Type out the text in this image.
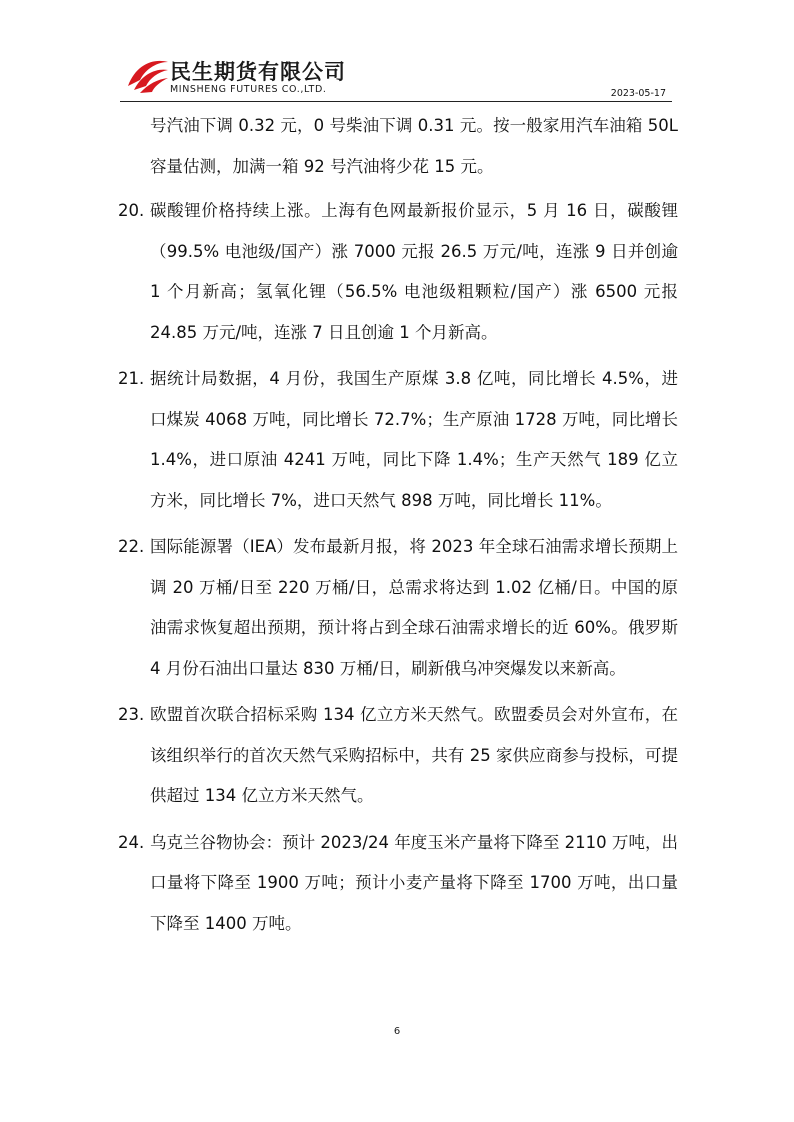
民生期货有限公司
MINSHENG FUTURES CO.,LTD.	2023-05-17

号汽油下调 0.32 元，0 号柴油下调 0.31 元。按一般家用汽车油箱 50L 容量估测，加满一箱 92 号汽油将少花 15 元。

20. 碳酸锂价格持续上涨。上海有色网最新报价显示，5 月 16 日，碳酸锂（99.5% 电池级/国产）涨 7000 元报 26.5 万元/吨，连涨 9 日并创逾 1 个月新高；氢氧化锂（56.5% 电池级粗颗粒/国产）涨 6500 元报 24.85 万元/吨，连涨 7 日且创逾 1 个月新高。
21. 据统计局数据，4 月份，我国生产原煤 3.8 亿吨，同比增长 4.5%，进口煤炭 4068 万吨，同比增长 72.7%；生产原油 1728 万吨，同比增长 1.4%，进口原油 4241 万吨，同比下降 1.4%；生产天然气 189 亿立方米，同比增长 7%，进口天然气 898 万吨，同比增长 11%。
22. 国际能源署（IEA）发布最新月报，将 2023 年全球石油需求增长预期上调 20 万桶/日至 220 万桶/日，总需求将达到 1.02 亿桶/日。中国的原油需求恢复超出预期，预计将占到全球石油需求增长的近 60%。俄罗斯 4 月份石油出口量达 830 万桶/日，刷新俄乌冲突爆发以来新高。
23. 欧盟首次联合招标采购 134 亿立方米天然气。欧盟委员会对外宣布，在该组织举行的首次天然气采购招标中，共有 25 家供应商参与投标，可提供超过 134 亿立方米天然气。
24. 乌克兰谷物协会：预计 2023/24 年度玉米产量将下降至 2110 万吨，出口量将下降至 1900 万吨；预计小麦产量将下降至 1700 万吨，出口量下降至 1400 万吨。
6
